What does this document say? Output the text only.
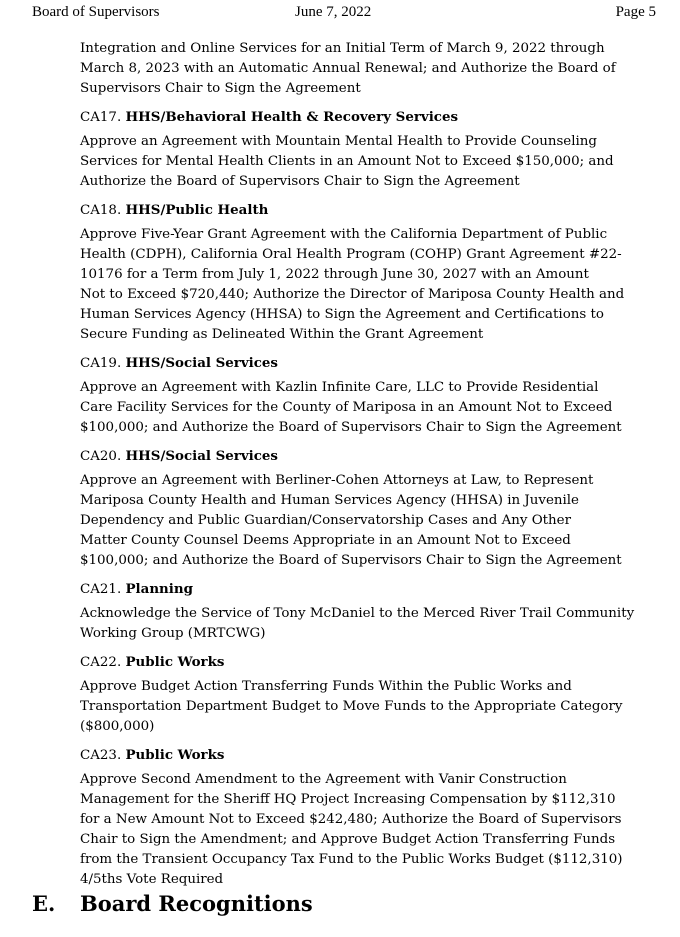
Board of Supervisors	June 7, 2022	Page 5

Integration and Online Services for an Initial Term of March 9, 2022 through
March 8, 2023 with an Automatic Annual Renewal; and Authorize the Board of
Supervisors Chair to Sign the Agreement

CA17. HHS/Behavioral Health & Recovery Services

Approve an Agreement with Mountain Mental Health to Provide Counseling
Services for Mental Health Clients in an Amount Not to Exceed $150,000; and
Authorize the Board of Supervisors Chair to Sign the Agreement

CA18. HHS/Public Health

Approve Five-Year Grant Agreement with the California Department of Public
Health (CDPH), California Oral Health Program (COHP) Grant Agreement #22-
10176 for a Term from July 1, 2022 through June 30, 2027 with an Amount
Not to Exceed $720,440; Authorize the Director of Mariposa County Health and
Human Services Agency (HHSA) to Sign the Agreement and Certifications to
Secure Funding as Delineated Within the Grant Agreement

CA19. HHS/Social Services

Approve an Agreement with Kazlin Infinite Care, LLC to Provide Residential
Care Facility Services for the County of Mariposa in an Amount Not to Exceed
$100,000; and Authorize the Board of Supervisors Chair to Sign the Agreement

CA20. HHS/Social Services

Approve an Agreement with Berliner-Cohen Attorneys at Law, to Represent
Mariposa County Health and Human Services Agency (HHSA) in Juvenile
Dependency and Public Guardian/Conservatorship Cases and Any Other
Matter County Counsel Deems Appropriate in an Amount Not to Exceed
$100,000; and Authorize the Board of Supervisors Chair to Sign the Agreement

CA21. Planning

Acknowledge the Service of Tony McDaniel to the Merced River Trail Community
Working Group (MRTCWG)

CA22. Public Works

Approve Budget Action Transferring Funds Within the Public Works and
Transportation Department Budget to Move Funds to the Appropriate Category
($800,000)

CA23. Public Works

Approve Second Amendment to the Agreement with Vanir Construction
Management for the Sheriff HQ Project Increasing Compensation by $112,310
for a New Amount Not to Exceed $242,480; Authorize the Board of Supervisors
Chair to Sign the Amendment; and Approve Budget Action Transferring Funds
from the Transient Occupancy Tax Fund to the Public Works Budget ($112,310)
4/5ths Vote Required

E. Board Recognitions
